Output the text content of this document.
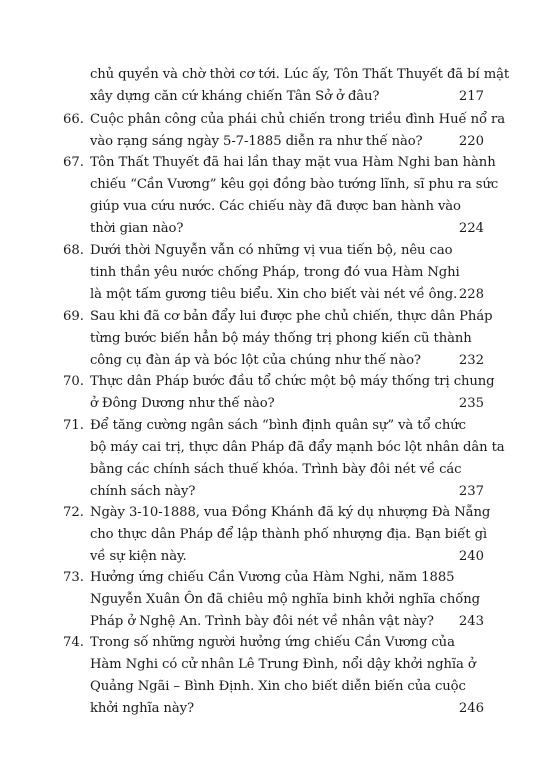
chủ quyền và chờ thời cơ tới. Lúc ấy, Tôn Thất Thuyết đã bí mật
xây dựng căn cứ kháng chiến Tân Sở ở đâu?	217
66. Cuộc phân công của phái chủ chiến trong triều đình Huế nổ ra
vào rạng sáng ngày 5-7-1885 diễn ra như thế nào?	220
67. Tôn Thất Thuyết đã hai lần thay mặt vua Hàm Nghi ban hành
chiếu “Cần Vương” kêu gọi đồng bào tướng lĩnh, sĩ phu ra sức
giúp vua cứu nước. Các chiếu này đã được ban hành vào
thời gian nào?	224
68. Dưới thời Nguyễn vẫn có những vị vua tiến bộ, nêu cao
tinh thần yêu nước chống Pháp, trong đó vua Hàm Nghi
là một tấm gương tiêu biểu. Xin cho biết vài nét về ông. 228
69. Sau khi đã cơ bản đẩy lui được phe chủ chiến, thực dân Pháp
từng bước biến hẳn bộ máy thống trị phong kiến cũ thành
công cụ đàn áp và bóc lột của chúng như thế nào?	232
70. Thực dân Pháp bước đầu tổ chức một bộ máy thống trị chung
ở Đông Dương như thế nào?	235
71. Để tăng cường ngân sách “bình định quân sự” và tổ chức
bộ máy cai trị, thực dân Pháp đã đẩy mạnh bóc lột nhân dân ta
bằng các chính sách thuế khóa. Trình bày đôi nét về các
chính sách này?	237
72. Ngày 3-10-1888, vua Đồng Khánh đã ký dụ nhượng Đà Nẵng
cho thực dân Pháp để lập thành phố nhượng địa. Bạn biết gì
về sự kiện này.	240
73. Hưởng ứng chiếu Cần Vương của Hàm Nghi, năm 1885
Nguyễn Xuân Ôn đã chiêu mộ nghĩa binh khởi nghĩa chống
Pháp ở Nghệ An. Trình bày đôi nét về nhân vật này?	243
74. Trong số những người hưởng ứng chiếu Cần Vương của
Hàm Nghi có cử nhân Lê Trung Đình, nổi dậy khởi nghĩa ở
Quảng Ngãi – Bình Định. Xin cho biết diễn biến của cuộc
khởi nghĩa này?	246
